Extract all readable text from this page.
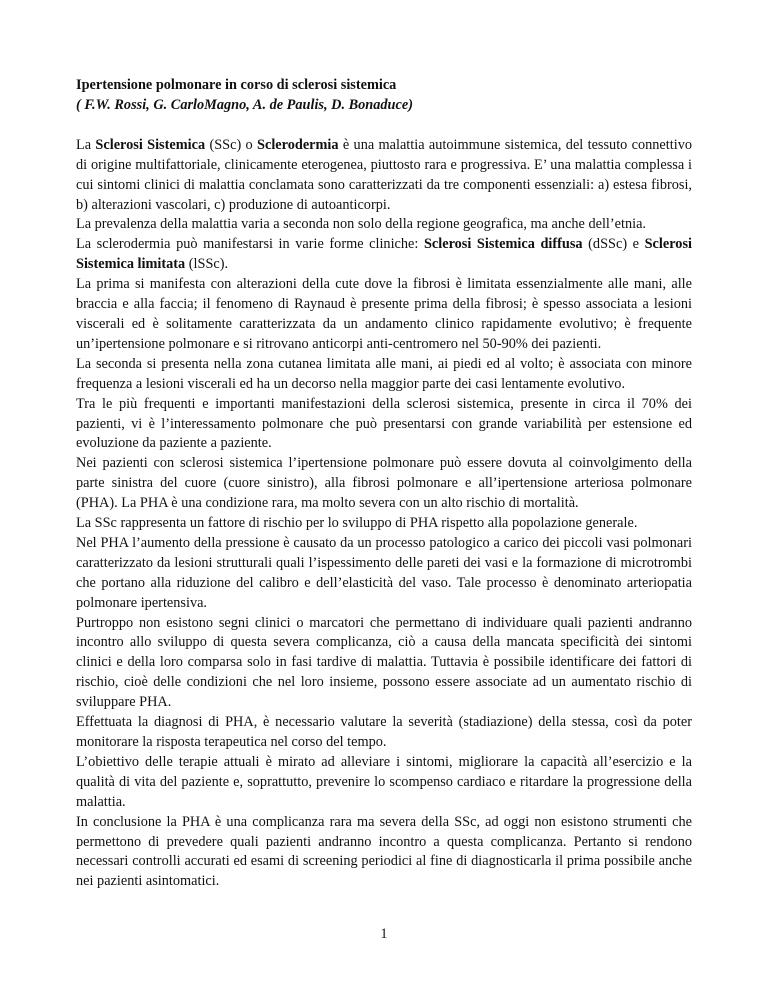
Ipertensione polmonare in corso di sclerosi sistemica

( F.W. Rossi, G. CarloMagno, A. de Paulis, D. Bonaduce)

La Sclerosi Sistemica (SSc) o Sclerodermia è una malattia autoimmune sistemica, del tessuto connettivo di origine multifattoriale, clinicamente eterogenea, piuttosto rara e progressiva. E’ una malattia complessa i cui sintomi clinici di malattia conclamata sono caratterizzati da tre componenti essenziali: a) estesa fibrosi, b) alterazioni vascolari, c) produzione di autoanticorpi.

La prevalenza della malattia varia a seconda non solo della regione geografica, ma anche dell’etnia.

La sclerodermia può manifestarsi in varie forme cliniche: Sclerosi Sistemica diffusa (dSSc) e Sclerosi Sistemica limitata (lSSc).

La prima si manifesta con alterazioni della cute dove la fibrosi è limitata essenzialmente alle mani, alle braccia e alla faccia; il fenomeno di Raynaud è presente prima della fibrosi; è spesso associata a lesioni viscerali ed è solitamente caratterizzata da un andamento clinico rapidamente evolutivo; è frequente un’ipertensione polmonare e si ritrovano anticorpi anti-centromero nel 50-90% dei pazienti.

La seconda si presenta nella zona cutanea limitata alle mani, ai piedi ed al volto; è associata con minore frequenza a lesioni viscerali ed ha un decorso nella maggior parte dei casi lentamente evolutivo.

Tra le più frequenti e importanti manifestazioni della sclerosi sistemica, presente in circa il 70% dei pazienti, vi è l’interessamento polmonare che può presentarsi con grande variabilità per estensione ed evoluzione da paziente a paziente.

Nei pazienti con sclerosi sistemica l’ipertensione polmonare può essere dovuta al coinvolgimento della parte sinistra del cuore (cuore sinistro), alla fibrosi polmonare e all’ipertensione arteriosa polmonare (PHA). La PHA è una condizione rara, ma molto severa con un alto rischio di mortalità.

La SSc rappresenta un fattore di rischio per lo sviluppo di PHA rispetto alla popolazione generale.

Nel PHA l’aumento della pressione è causato da un processo patologico a carico dei piccoli vasi polmonari caratterizzato da lesioni strutturali quali l’ispessimento delle pareti dei vasi e la formazione di microtrombi che portano alla riduzione del calibro e dell’elasticità del vaso. Tale processo è denominato arteriopatia polmonare ipertensiva.

Purtroppo non esistono segni clinici o marcatori che permettano di individuare quali pazienti andranno incontro allo sviluppo di questa severa complicanza, ciò a causa della mancata specificità dei sintomi clinici e della loro comparsa solo in fasi tardive di malattia. Tuttavia è possibile identificare dei fattori di rischio, cioè delle condizioni che nel loro insieme, possono essere associate ad un aumentato rischio di sviluppare PHA.

Effettuata la diagnosi di PHA, è necessario valutare la severità (stadiazione) della stessa, così da poter monitorare la risposta terapeutica nel corso del tempo.

L’obiettivo delle terapie attuali è mirato ad alleviare i sintomi, migliorare la capacità all’esercizio e la qualità di vita del paziente e, soprattutto, prevenire lo scompenso cardiaco e ritardare la progressione della malattia.

In conclusione la PHA è una complicanza rara ma severa della SSc, ad oggi non esistono strumenti che permettono di prevedere quali pazienti andranno incontro a questa complicanza. Pertanto si rendono necessari controlli accurati ed esami di screening periodici al fine di diagnosticarla il prima possibile anche nei pazienti asintomatici.

1
